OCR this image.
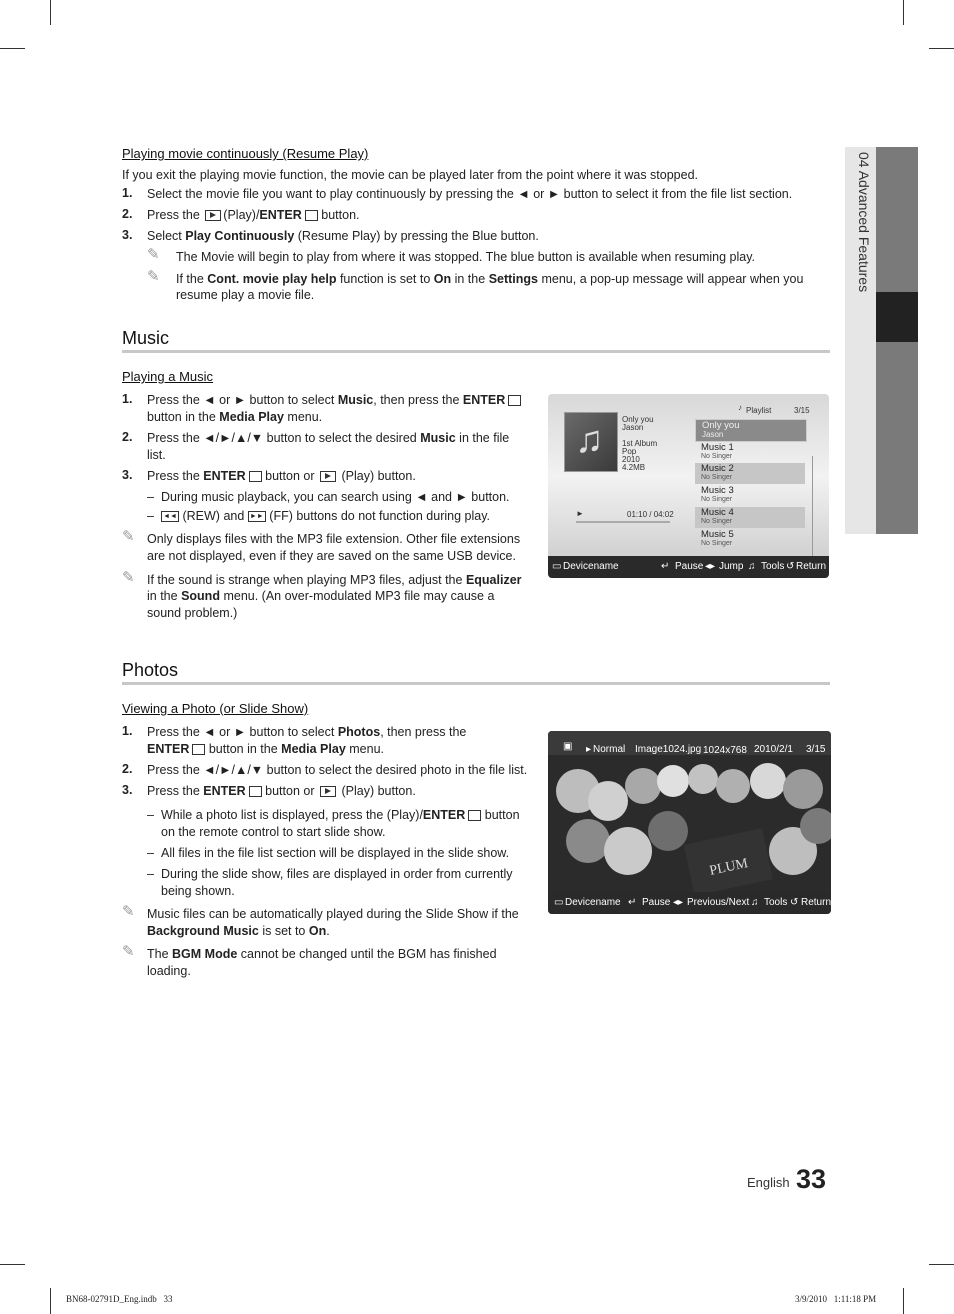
04 Advanced Features
Playing movie continuously (Resume Play)
If you exit the playing movie function, the movie can be played later from the point where it was stopped.
1. Select the movie file you want to play continuously by pressing the ◄ or ► button to select it from the file list section.
2. Press the (Play)/ENTER button.
3. Select Play Continuously (Resume Play) by pressing the Blue button.
✎ The Movie will begin to play from where it was stopped. The blue button is available when resuming play.
✎ If the Cont. movie play help function is set to On in the Settings menu, a pop-up message will appear when you
resume play a movie file.
Music
Playing a Music
1. Press the ◄ or ► button to select Music, then press the ENTER
button in the Media Play menu.
2. Press the ◄/►/▲/▼ button to select the desired Music in the file
list.
3. Press the ENTER button or (Play) button.
– During music playback, you can search using ◄ and ► button.
– ◄◄ (REW) and ►► (FF) buttons do not function during play.
✎ Only displays files with the MP3 file extension. Other file extensions
are not displayed, even if they are saved on the same USB device.
✎ If the sound is strange when playing MP3 files, adjust the Equalizer
in the Sound menu. (An over-modulated MP3 file may cause a
sound problem.)
♫ Only you
Jason
1st Album
Pop
2010
4.2MB
►	01:10 / 04:02
♪ Playlist	3/15
Only you
Jason
Music 1
No Singer
Music 2
No Singer
Music 3
No Singer
Music 4
No Singer
Music 5
No Singer
▭ Devicename	↵ Pause ◂▸ Jump ♫ Tools ↺ Return
Photos
Viewing a Photo (or Slide Show)
1. Press the ◄ or ► button to select Photos, then press the
ENTER button in the Media Play menu.
2. Press the ◄/►/▲/▼ button to select the desired photo in the file list.
3. Press the ENTER button or (Play) button.
– While a photo list is displayed, press the (Play)/ENTER button
on the remote control to start slide show.
– All files in the file list section will be displayed in the slide show.
– During the slide show, files are displayed in order from currently
being shown.
✎ Music files can be automatically played during the Slide Show if the
Background Music is set to On.
✎ The BGM Mode cannot be changed until the BGM has finished
loading.
PLUM
▣ ▸ Normal Image1024.jpg 1024x768 2010/2/1 3/15
▭ Devicename ↵ Pause ◂▸ Previous/Next ♫ Tools ↺ Return
English 33
BN68-02791D_Eng.indb   33	3/9/2010   1:11:18 PM
